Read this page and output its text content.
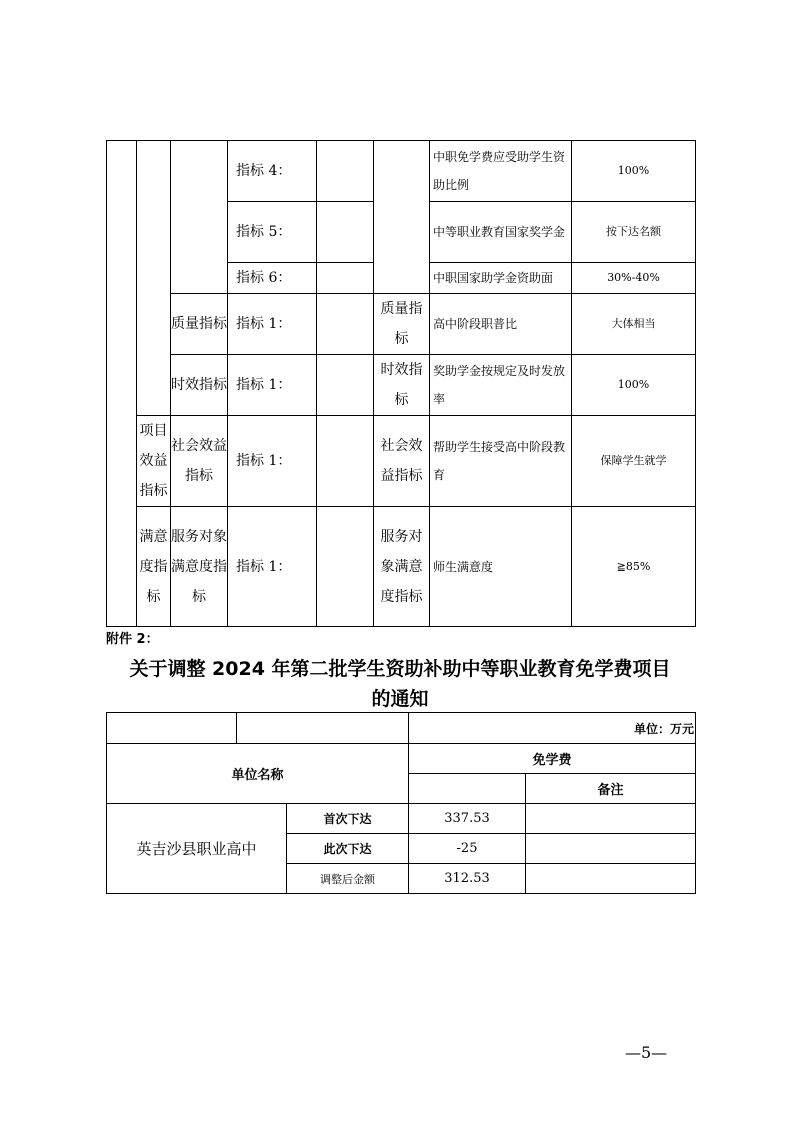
			指标 4：			中职免学费应受助学生资助比例	100%
			指标 5：			中等职业教育国家奖学金	按下达名额
			指标 6：			中职国家助学金资助面	30%-40%
		质量指标	指标 1：		质量指标	高中阶段职普比	大体相当
		时效指标	指标 1：		时效指标	奖助学金按规定及时发放率	100%
	项目效益指标	社会效益指标	指标 1：		社会效益指标	帮助学生接受高中阶段教育	保障学生就学
	满意度指标	服务对象满意度指标	指标 1：		服务对象满意度指标	师生满意度	≧85%
附件 2：
关于调整 2024 年第二批学生资助补助中等职业教育免学费项目
的通知
			单位：万元	
单位名称			免学费	
				备注
英吉沙县职业高中		首次下达	337.53	
		此次下达	-25	
		调整后金额	312.53	
—5—
